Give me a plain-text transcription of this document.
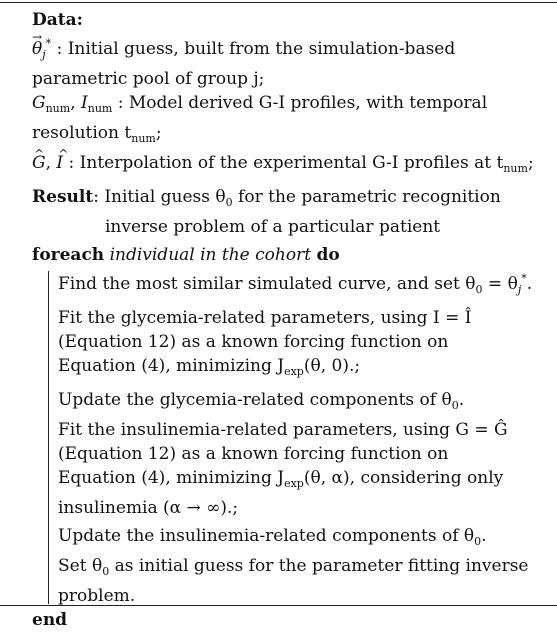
Data:
→ $\theta_j^*$ : Initial guess, built from the simulation-based
parametric pool of group j;
$G_{num}$, $I_{num}$ : Model derived G-I profiles, with temporal
resolution $t_{num}$;
^ G, ^ I : Interpolation of the experimental G-I profiles at $t_{num}$;
Result: Initial guess $\theta_0$ for the parametric recognition
inverse problem of a particular patient
foreach individual in the cohort do
Find the most similar simulated curve, and set $\theta_0 = \theta_j^*$.
Fit the glycemia-related parameters, using I = Î
(Equation 12) as a known forcing function on
Equation (4), minimizing $J_{exp}(\theta$, 0).;
Update the glycemia-related components of $\theta_0$.
Fit the insulinemia-related parameters, using G = Ĝ
(Equation 12) as a known forcing function on
Equation (4), minimizing $J_{exp}(\theta$, α), considering only
insulinemia (α → ∞).;
Update the insulinemia-related components of $\theta_0$.
Set $\theta_0$ as initial guess for the parameter fitting inverse
problem.
end
